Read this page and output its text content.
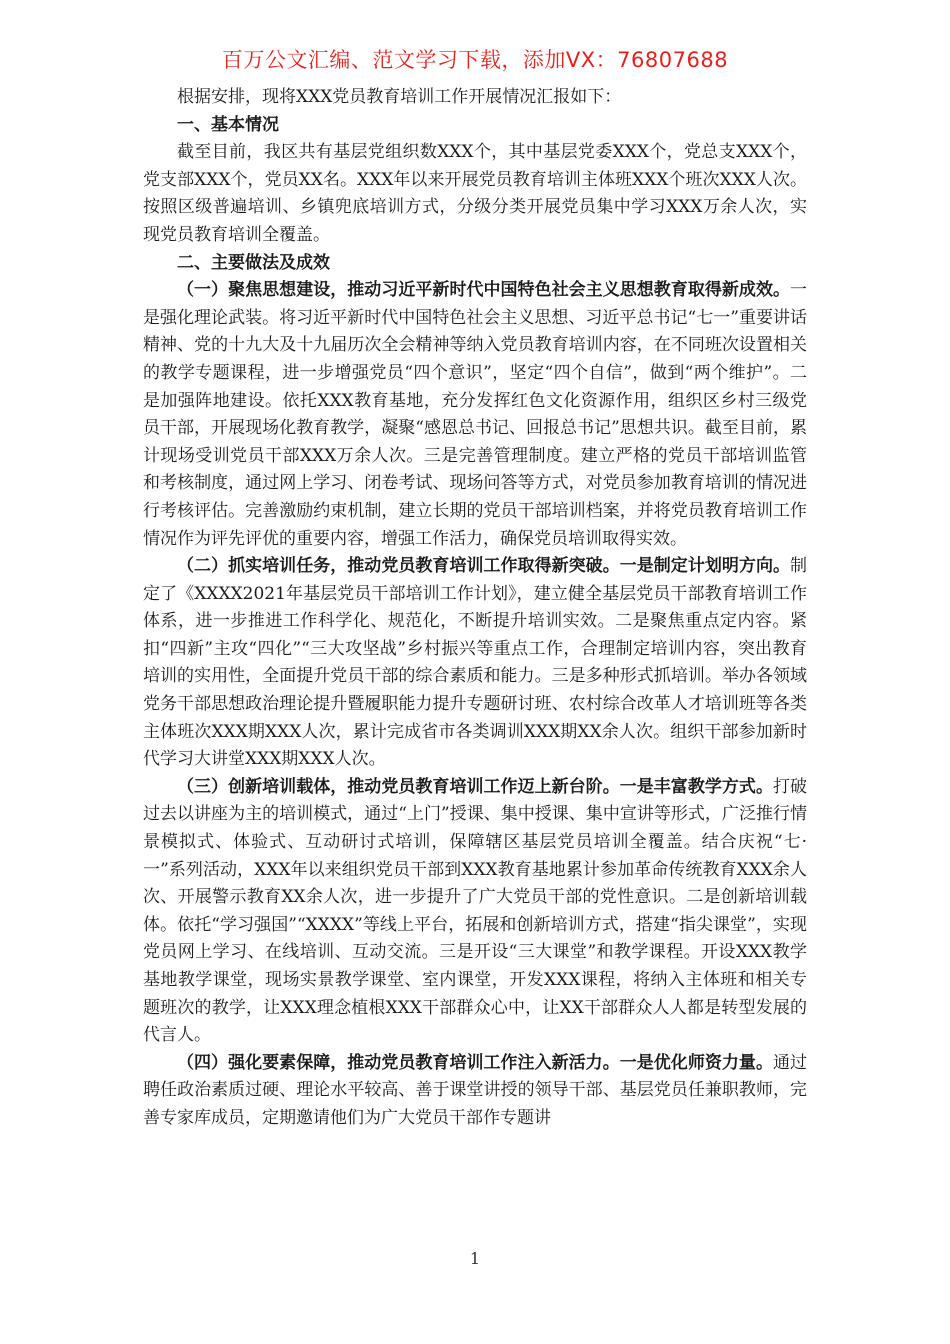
百万公文汇编、范文学习下载，添加VX：76807688

根据安排，现将XXX党员教育培训工作开展情况汇报如下：

一、基本情况

截至目前，我区共有基层党组织数XXX个，其中基层党委XXX个，党总支XXX个，党支部XXX个，党员XX名。XXX年以来开展党员教育培训主体班XXX个班次XXX人次。按照区级普遍培训、乡镇兜底培训方式，分级分类开展党员集中学习XXX万余人次，实现党员教育培训全覆盖。

二、主要做法及成效

（一）聚焦思想建设，推动习近平新时代中国特色社会主义思想教育取得新成效。一是强化理论武装。将习近平新时代中国特色社会主义思想、习近平总书记“七一”重要讲话精神、党的十九大及十九届历次全会精神等纳入党员教育培训内容，在不同班次设置相关的教学专题课程，进一步增强党员“四个意识”，坚定“四个自信”，做到“两个维护”。二是加强阵地建设。依托XXX教育基地，充分发挥红色文化资源作用，组织区乡村三级党员干部，开展现场化教育教学，凝聚“感恩总书记、回报总书记”思想共识。截至目前，累计现场受训党员干部XXX万余人次。三是完善管理制度。建立严格的党员干部培训监管和考核制度，通过网上学习、闭卷考试、现场问答等方式，对党员参加教育培训的情况进行考核评估。完善激励约束机制，建立长期的党员干部培训档案，并将党员教育培训工作情况作为评先评优的重要内容，增强工作活力，确保党员培训取得实效。

（二）抓实培训任务，推动党员教育培训工作取得新突破。一是制定计划明方向。制定了《XXXX2021年基层党员干部培训工作计划》，建立健全基层党员干部教育培训工作体系，进一步推进工作科学化、规范化，不断提升培训实效。二是聚焦重点定内容。紧扣“四新”主攻“四化”“三大攻坚战”乡村振兴等重点工作，合理制定培训内容，突出教育培训的实用性，全面提升党员干部的综合素质和能力。三是多种形式抓培训。举办各领域党务干部思想政治理论提升暨履职能力提升专题研讨班、农村综合改革人才培训班等各类主体班次XXX期XXX人次，累计完成省市各类调训XXX期XX余人次。组织干部参加新时代学习大讲堂XXX期XXX人次。

（三）创新培训载体，推动党员教育培训工作迈上新台阶。一是丰富教学方式。打破过去以讲座为主的培训模式，通过“上门”授课、集中授课、集中宣讲等形式，广泛推行情景模拟式、体验式、互动研讨式培训，保障辖区基层党员培训全覆盖。结合庆祝“七·一”系列活动，XXX年以来组织党员干部到XXX教育基地累计参加革命传统教育XXX余人次、开展警示教育XX余人次，进一步提升了广大党员干部的党性意识。二是创新培训载体。依托“学习强国”“XXXX”等线上平台，拓展和创新培训方式，搭建“指尖课堂”，实现党员网上学习、在线培训、互动交流。三是开设“三大课堂”和教学课程。开设XXX教学基地教学课堂，现场实景教学课堂、室内课堂，开发XXX课程，将纳入主体班和相关专题班次的教学，让XXX理念植根XXX干部群众心中，让XX干部群众人人都是转型发展的代言人。

（四）强化要素保障，推动党员教育培训工作注入新活力。一是优化师资力量。通过聘任政治素质过硬、理论水平较高、善于课堂讲授的领导干部、基层党员任兼职教师，完善专家库成员，定期邀请他们为广大党员干部作专题讲

1
